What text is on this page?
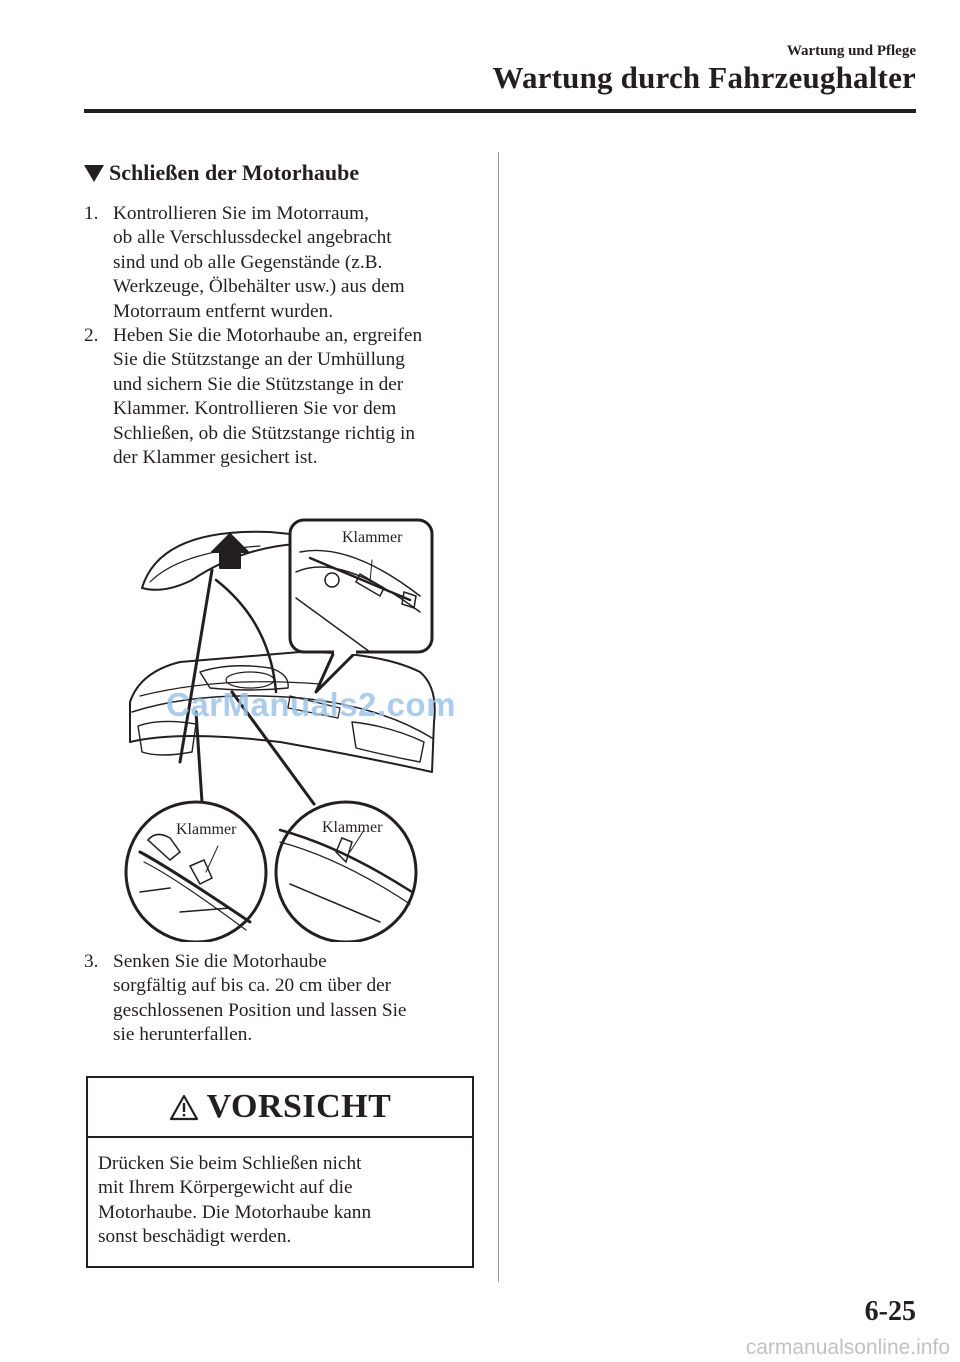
Wartung und Pflege
Wartung durch Fahrzeughalter
Schließen der Motorhaube
1. Kontrollieren Sie im Motorraum,
ob alle Verschlussdeckel angebracht
sind und ob alle Gegenstände (z.B.
Werkzeuge, Ölbehälter usw.) aus dem
Motorraum entfernt wurden.
2. Heben Sie die Motorhaube an, ergreifen
Sie die Stützstange an der Umhüllung
und sichern Sie die Stützstange in der
Klammer. Kontrollieren Sie vor dem
Schließen, ob die Stützstange richtig in
der Klammer gesichert ist.
Klammer
Klammer	Klammer
CarManuals2.com
3. Senken Sie die Motorhaube
sorgfältig auf bis ca. 20 cm über der
geschlossenen Position und lassen Sie
sie herunterfallen.
VORSICHT
Drücken Sie beim Schließen nicht
mit Ihrem Körpergewicht auf die
Motorhaube. Die Motorhaube kann
sonst beschädigt werden.
6-25
carmanualsonline.info
